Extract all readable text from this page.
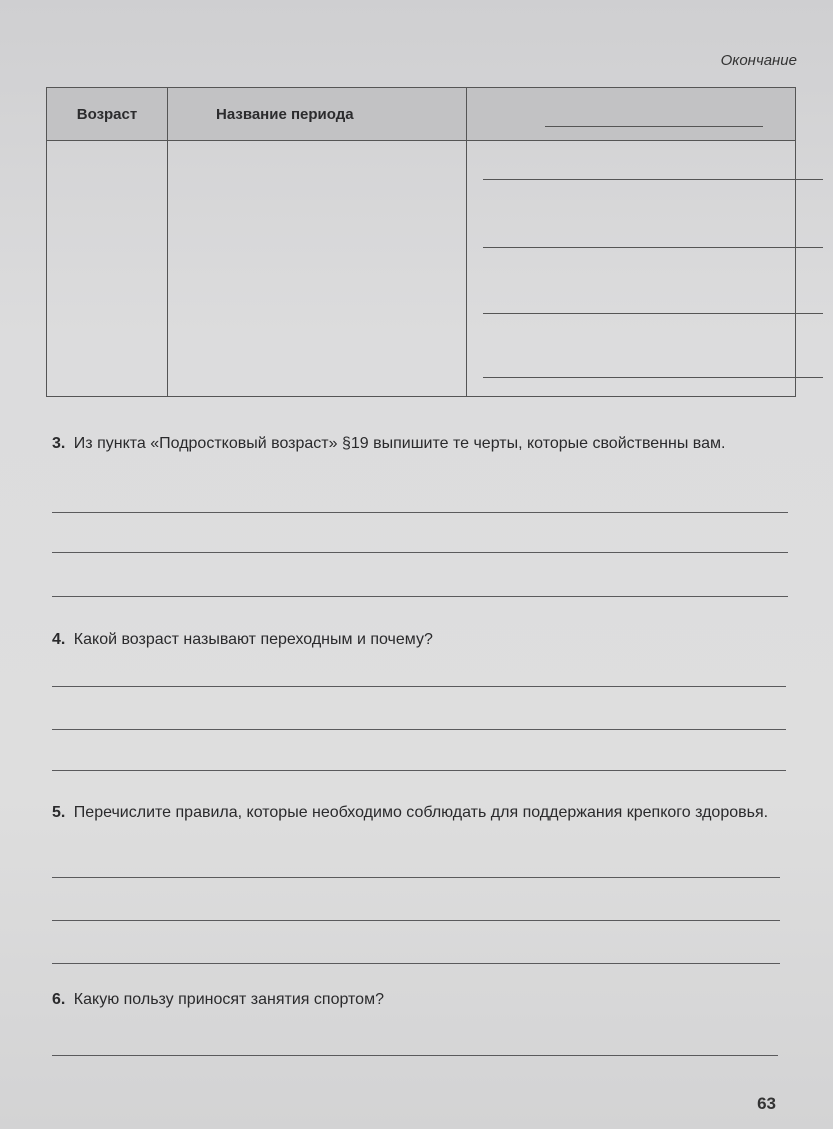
Окончание
Возраст	Название периода	

3. Из пункта «Подростковый возраст» §19 выпишите те черты, которые свойственны вам.
4. Какой возраст называют переходным и почему?
5. Перечислите правила, которые необходимо соблюдать для поддержания крепкого здоровья.
6. Какую пользу приносят занятия спортом?
63
